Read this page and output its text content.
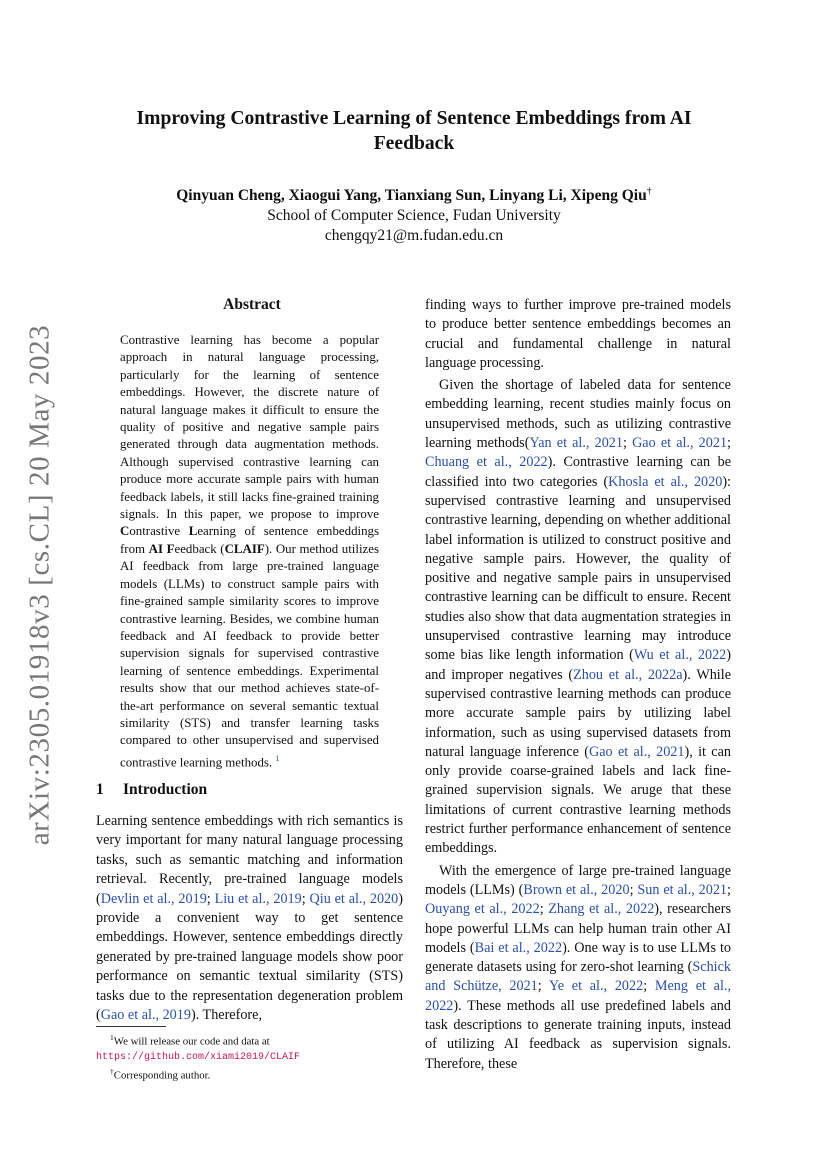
Improving Contrastive Learning of Sentence Embeddings from AI Feedback
Qinyuan Cheng, Xiaogui Yang, Tianxiang Sun, Linyang Li, Xipeng Qiu†
School of Computer Science, Fudan University
chengqy21@m.fudan.edu.cn
arXiv:2305.01918v3 [cs.CL] 20 May 2023
Abstract

Contrastive learning has become a popular approach in natural language processing, particularly for the learning of sentence embeddings. However, the discrete nature of natural language makes it difficult to ensure the quality of positive and negative sample pairs generated through data augmentation methods. Although supervised contrastive learning can produce more accurate sample pairs with human feedback labels, it still lacks fine-grained training signals. In this paper, we propose to improve Contrastive Learning of sentence embeddings from AI Feedback (CLAIF). Our method utilizes AI feedback from large pre-trained language models (LLMs) to construct sample pairs with fine-grained sample similarity scores to improve contrastive learning. Besides, we combine human feedback and AI feedback to provide better supervision signals for supervised contrastive learning of sentence embeddings. Experimental results show that our method achieves state-of-the-art performance on several semantic textual similarity (STS) and transfer learning tasks compared to other unsupervised and supervised contrastive learning methods. $^1$

1 Introduction

Learning sentence embeddings with rich semantics is very important for many natural language processing tasks, such as semantic matching and information retrieval. Recently, pre-trained language models (Devlin et al., 2019; Liu et al., 2019; Qiu et al., 2020) provide a convenient way to get sentence embeddings. However, sentence embeddings directly generated by pre-trained language models show poor performance on semantic textual similarity (STS) tasks due to the representation degeneration problem (Gao et al., 2019). Therefore,

$^1$We will release our code and data at https://github.com/xiami2019/CLAIF

†Corresponding author.

finding ways to further improve pre-trained models to produce better sentence embeddings becomes an crucial and fundamental challenge in natural language processing.

Given the shortage of labeled data for sentence embedding learning, recent studies mainly focus on unsupervised methods, such as utilizing contrastive learning methods(Yan et al., 2021; Gao et al., 2021; Chuang et al., 2022). Contrastive learning can be classified into two categories (Khosla et al., 2020): supervised contrastive learning and unsupervised contrastive learning, depending on whether additional label information is utilized to construct positive and negative sample pairs. However, the quality of positive and negative sample pairs in unsupervised contrastive learning can be difficult to ensure. Recent studies also show that data augmentation strategies in unsupervised contrastive learning may introduce some bias like length information (Wu et al., 2022) and improper negatives (Zhou et al., 2022a). While supervised contrastive learning methods can produce more accurate sample pairs by utilizing label information, such as using supervised datasets from natural language inference (Gao et al., 2021), it can only provide coarse-grained labels and lack fine-grained supervision signals. We aruge that these limitations of current contrastive learning methods restrict further performance enhancement of sentence embeddings.

With the emergence of large pre-trained language models (LLMs) (Brown et al., 2020; Sun et al., 2021; Ouyang et al., 2022; Zhang et al., 2022), researchers hope powerful LLMs can help human train other AI models (Bai et al., 2022). One way is to use LLMs to generate datasets using for zero-shot learning (Schick and Schütze, 2021; Ye et al., 2022; Meng et al., 2022). These methods all use predefined labels and task descriptions to generate training inputs, instead of utilizing AI feedback as supervision signals. Therefore, these
